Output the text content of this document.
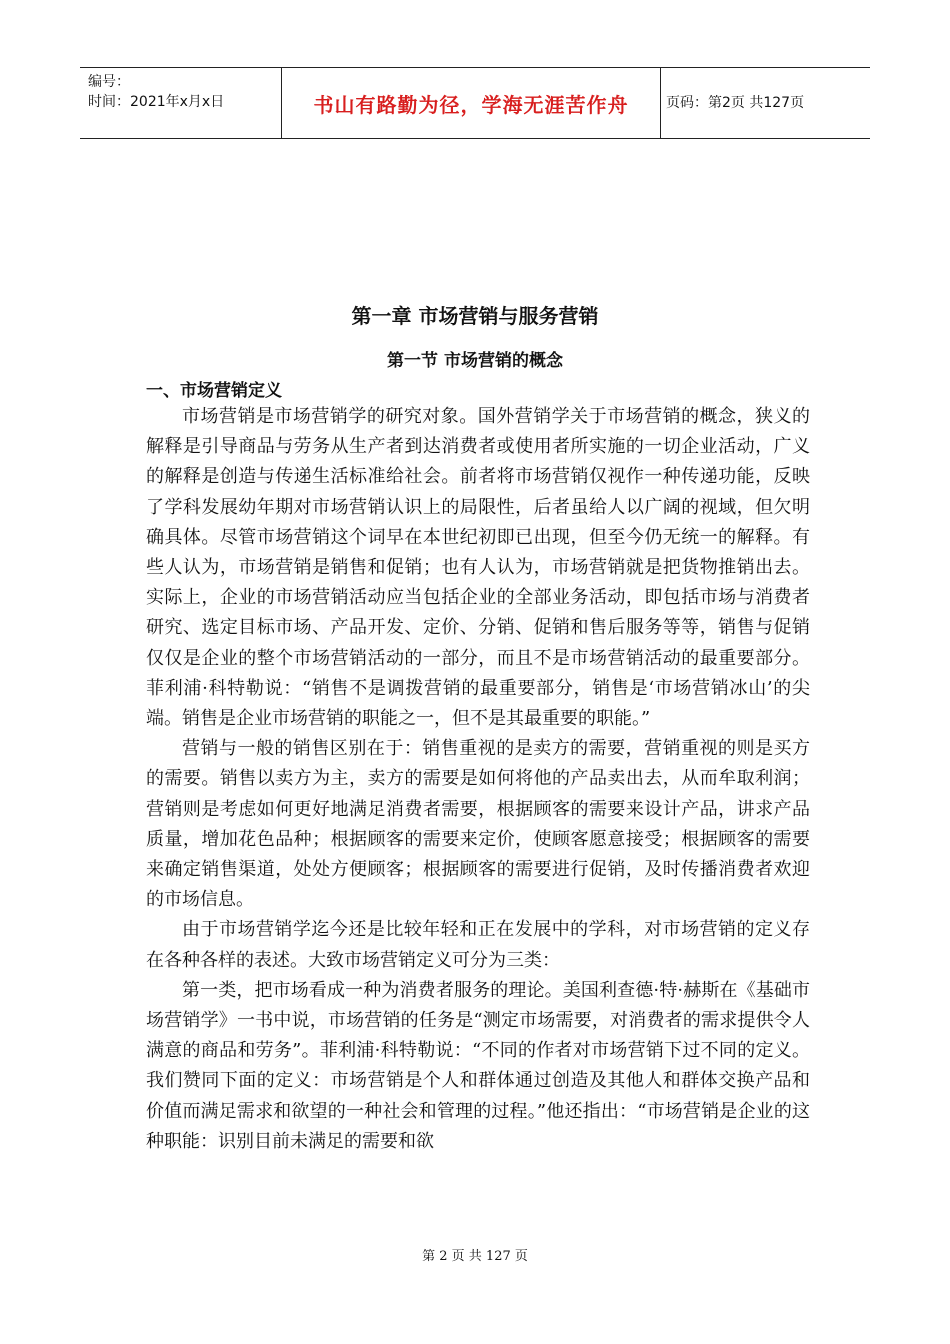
编号：
时间：2021年x月x日	书山有路勤为径，学海无涯苦作舟	页码：第2页 共127页
第一章 市场营销与服务营销
第一节 市场营销的概念
一、市场营销定义

市场营销是市场营销学的研究对象。国外营销学关于市场营销的概念，狭义的解释是引导商品与劳务从生产者到达消费者或使用者所实施的一切企业活动，广义的解释是创造与传递生活标准给社会。前者将市场营销仅视作一种传递功能，反映了学科发展幼年期对市场营销认识上的局限性，后者虽给人以广阔的视域，但欠明确具体。尽管市场营销这个词早在本世纪初即已出现，但至今仍无统一的解释。有些人认为，市场营销是销售和促销；也有人认为，市场营销就是把货物推销出去。实际上，企业的市场营销活动应当包括企业的全部业务活动，即包括市场与消费者研究、选定目标市场、产品开发、定价、分销、促销和售后服务等等，销售与促销仅仅是企业的整个市场营销活动的一部分，而且不是市场营销活动的最重要部分。菲利浦·科特勒说：“销售不是调拨营销的最重要部分，销售是‘市场营销冰山’的尖端。销售是企业市场营销的职能之一，但不是其最重要的职能。”

营销与一般的销售区别在于：销售重视的是卖方的需要，营销重视的则是买方的需要。销售以卖方为主，卖方的需要是如何将他的产品卖出去，从而牟取利润；营销则是考虑如何更好地满足消费者需要，根据顾客的需要来设计产品，讲求产品质量，增加花色品种；根据顾客的需要来定价，使顾客愿意接受；根据顾客的需要来确定销售渠道，处处方便顾客；根据顾客的需要进行促销，及时传播消费者欢迎的市场信息。

由于市场营销学迄今还是比较年轻和正在发展中的学科，对市场营销的定义存在各种各样的表述。大致市场营销定义可分为三类：

第一类，把市场看成一种为消费者服务的理论。美国利查德·特·赫斯在《基础市场营销学》一书中说，市场营销的任务是“测定市场需要，对消费者的需求提供令人满意的商品和劳务”。菲利浦·科特勒说：“不同的作者对市场营销下过不同的定义。我们赞同下面的定义：市场营销是个人和群体通过创造及其他人和群体交换产品和价值而满足需求和欲望的一种社会和管理的过程。”他还指出：“市场营销是企业的这种职能：识别目前未满足的需要和欲

第 2 页 共 127 页
